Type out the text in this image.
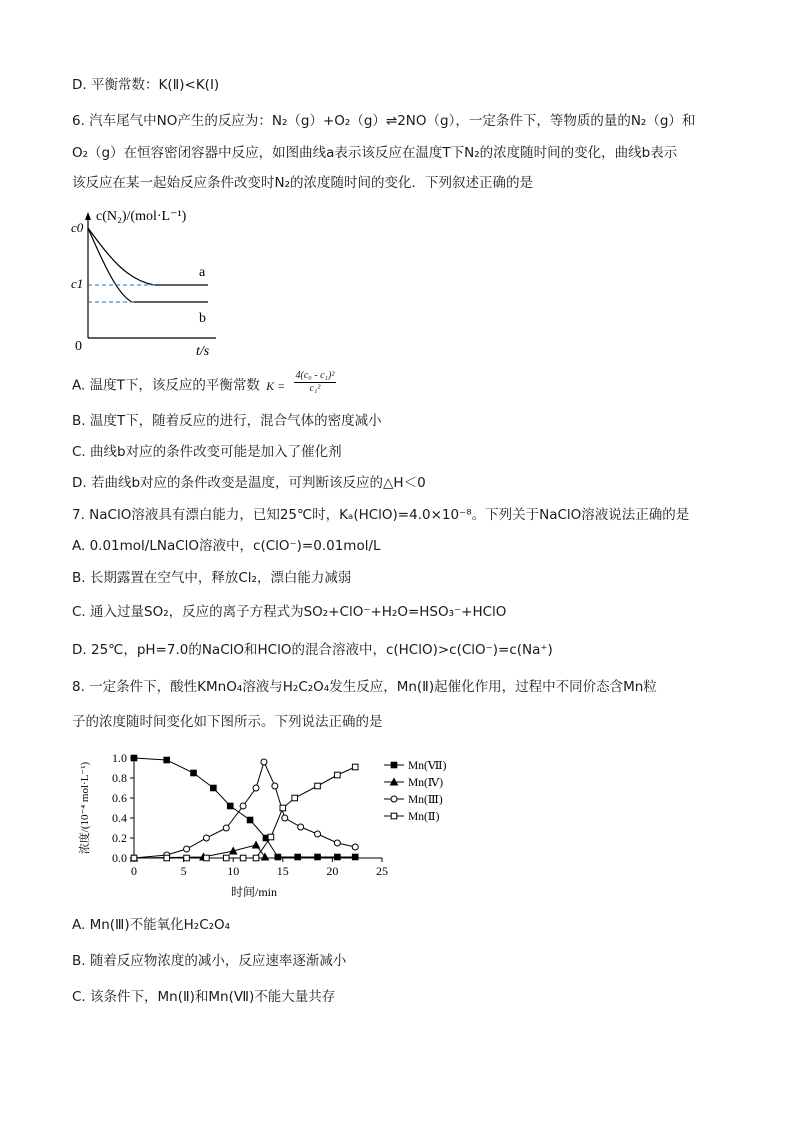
D. 平衡常数：K(Ⅱ)<K(Ⅰ)
6. 汽车尾气中NO产生的反应为：N₂（g）+O₂（g）⇌2NO（g），一定条件下，等物质的量的N₂（g）和
O₂（g）在恒容密闭容器中反应，如图曲线a表示该反应在温度T下N₂的浓度随时间的变化，曲线b表示
该反应在某一起始反应条件改变时N₂的浓度随时间的变化．下列叙述正确的是
c(N₂)/(mol·L⁻¹)
c0
c1
a
b
0	t/s
A. 温度T下，该反应的平衡常数 $K = \frac{\text{4(c₀ - c₁)²}}{\text{c₁²}}$
B. 温度T下，随着反应的进行，混合气体的密度减小
C. 曲线b对应的条件改变可能是加入了催化剂
D. 若曲线b对应的条件改变是温度，可判断该反应的△H＜0
7. NaClO溶液具有漂白能力，已知25℃时，Kₐ(HClO)=4.0×10⁻⁸。下列关于NaClO溶液说法正确的是
A. 0.01mol/LNaClO溶液中，c(ClO⁻)=0.01mol/L
B. 长期露置在空气中，释放Cl₂，漂白能力减弱
C. 通入过量SO₂，反应的离子方程式为SO₂+ClO⁻+H₂O=HSO₃⁻+HClO
D. 25℃，pH=7.0的NaClO和HClO的混合溶液中，c(HClO)>c(ClO⁻)=c(Na⁺)
8. 一定条件下，酸性KMnO₄溶液与H₂C₂O₄发生反应，Mn(Ⅱ)起催化作用，过程中不同价态含Mn粒
子的浓度随时间变化如下图所示。下列说法正确的是
0	5	10	15	20	25
0.0
0.2
0.4
0.6
0.8
1.0
Mn(Ⅶ)
Mn(Ⅳ)
Mn(Ⅲ)
Mn(Ⅱ)
时间/min
浓度/(10⁻⁴ mol·L⁻¹)
A. Mn(Ⅲ)不能氧化H₂C₂O₄
B. 随着反应物浓度的减小，反应速率逐渐减小
C. 该条件下，Mn(Ⅱ)和Mn(Ⅶ)不能大量共存
